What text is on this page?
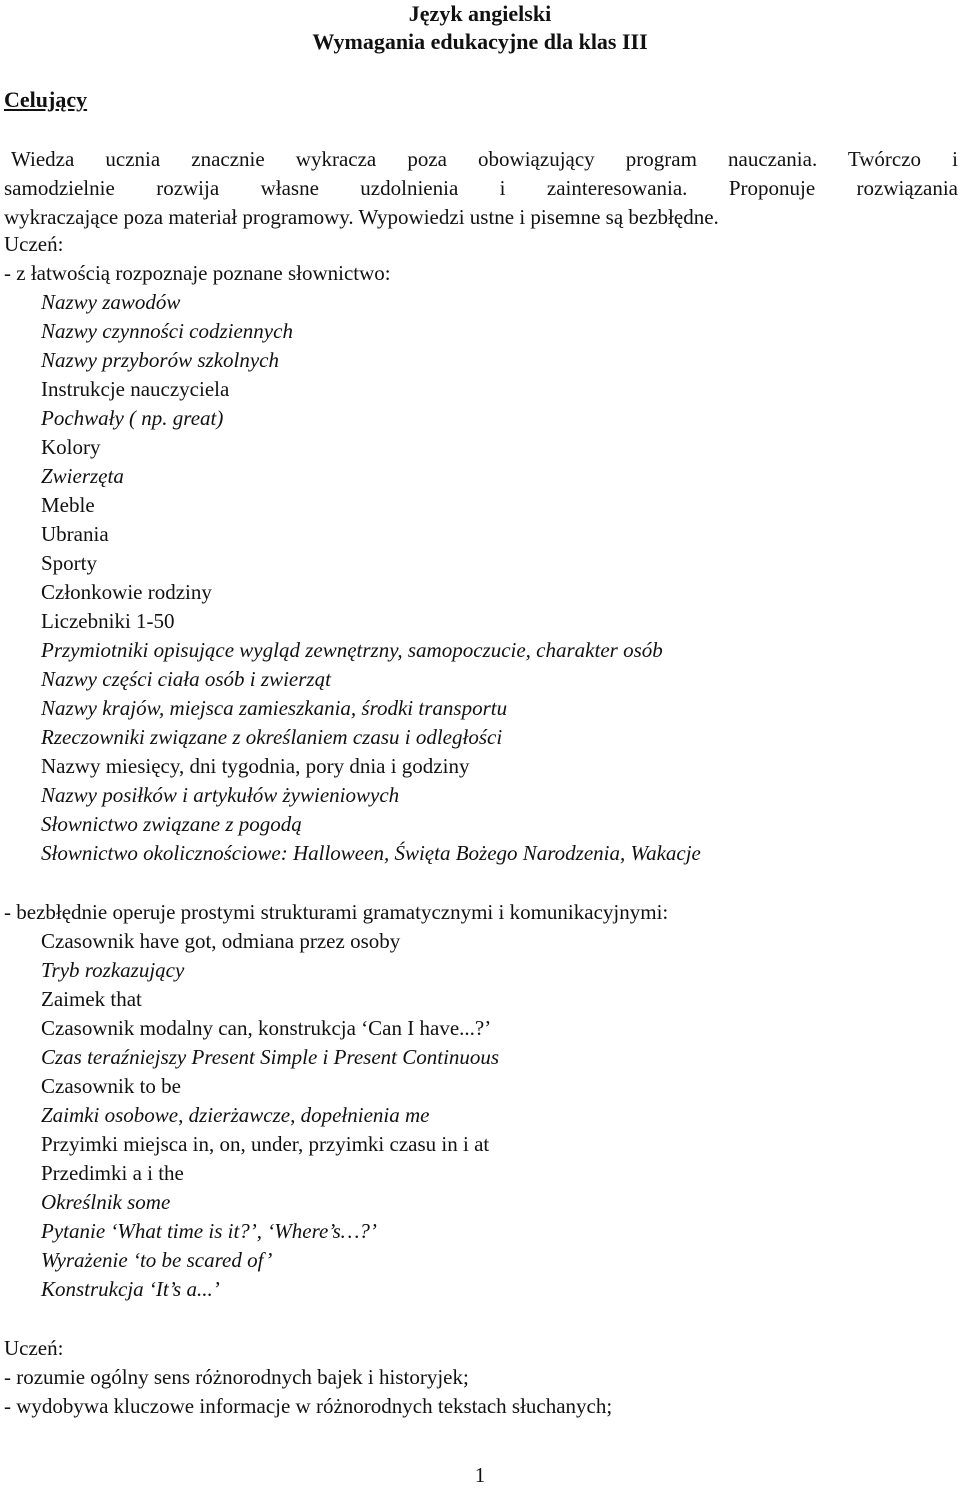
Język angielski
Wymagania edukacyjne dla klas III
Celujący
Wiedza ucznia znacznie wykracza poza obowiązujący program nauczania. Twórczo i
samodzielnie rozwija własne uzdolnienia i zainteresowania. Proponuje rozwiązania
wykraczające poza materiał programowy. Wypowiedzi ustne i pisemne są bezbłędne.
Uczeń:
- z łatwością rozpoznaje poznane słownictwo:
Nazwy zawodów
Nazwy czynności codziennych
Nazwy przyborów szkolnych
Instrukcje nauczyciela
Pochwały ( np. great)
Kolory
Zwierzęta
Meble
Ubrania
Sporty
Członkowie rodziny
Liczebniki 1-50
Przymiotniki opisujące wygląd zewnętrzny, samopoczucie, charakter osób
Nazwy części ciała osób i zwierząt
Nazwy krajów, miejsca zamieszkania, środki transportu
Rzeczowniki związane z określaniem czasu i odległości
Nazwy miesięcy, dni tygodnia, pory dnia i godziny
Nazwy posiłków i artykułów żywieniowych
Słownictwo związane z pogodą
Słownictwo okolicznościowe: Halloween, Święta Bożego Narodzenia, Wakacje
- bezbłędnie operuje prostymi strukturami gramatycznymi i komunikacyjnymi:
Czasownik have got, odmiana przez osoby
Tryb rozkazujący
Zaimek that
Czasownik modalny can, konstrukcja ‘Can I have...?’
Czas teraźniejszy Present Simple i Present Continuous
Czasownik to be
Zaimki osobowe, dzierżawcze, dopełnienia me
Przyimki miejsca in, on, under, przyimki czasu in i at
Przedimki a i the
Określnik some
Pytanie ‘What time is it?’, ‘Where’s…?’
Wyrażenie ‘to be scared of’
Konstrukcja ‘It’s a...’
Uczeń:
- rozumie ogólny sens różnorodnych bajek i historyjek;
- wydobywa kluczowe informacje w różnorodnych tekstach słuchanych;
1
